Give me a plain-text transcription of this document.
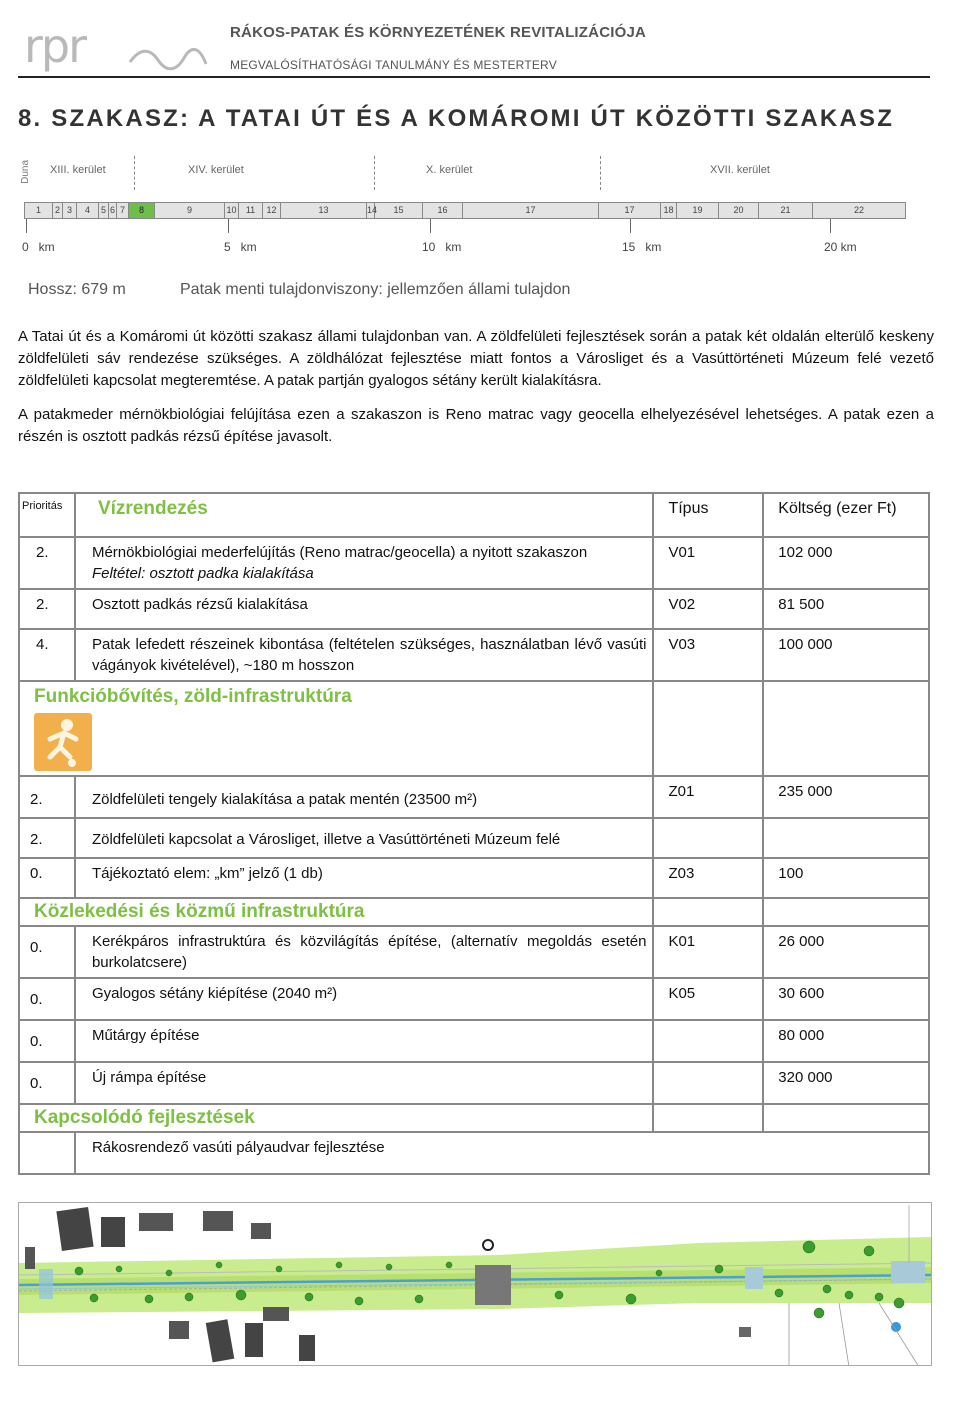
rpr	RÁKOS-PATAK ÉS KÖRNYEZETÉNEK REVITALIZÁCIÓJA
MEGVALÓSÍTHATÓSÁGI TANULMÁNY ÉS MESTERTERV
8. SZAKASZ: A TATAI ÚT ÉS A KOMÁROMI ÚT KÖZÖTTI SZAKASZ
Duna XIII. kerület	XIV. kerület	X. kerület	XVII. kerület
1	2 3	4	5 6 7	8	9	10	11	12	13	14	15	16	17	17	18	19	20	21	22
0   km	5   km	10   km	15   km	20 km
Hossz: 679 m	Patak menti tulajdonviszony: jellemzően állami tulajdon
A Tatai út és a Komáromi út közötti szakasz állami tulajdonban van. A zöldfelületi fejlesztések során a patak két oldalán elterülő keskeny zöldfelületi sáv rendezése szükséges. A zöldhálózat fejlesztése miatt fontos a Városliget és a Vasúttörténeti Múzeum felé vezető zöldfelületi kapcsolat megteremtése. A patak partján gyalogos sétány került kialakításra.
A patakmeder mérnökbiológiai felújítása ezen a szakaszon is Reno matrac vagy geocella elhelyezésével lehetséges. A patak ezen a részén is osztott padkás rézsű építése javasolt.
Prioritás	Vízrendezés	Típus	Költség (ezer Ft)
2.	Mérnökbiológiai mederfelújítás (Reno matrac/geocella) a nyitott szakaszon
Feltétel: osztott padka kialakítása	V01	102 000
2.	Osztott padkás rézsű kialakítása	V02	81 500
4.	Patak lefedett részeinek kibontása (feltételen szükséges, használatban lévő vasúti vágányok kivételével), ~180 m hosszon	V03	100 000

Funkcióbővítés, zöld-infrastruktúra			

2.	Zöldfelületi tengely kialakítása a patak mentén (23500 m²)	Z01	235 000
2.	Zöldfelületi kapcsolat a Városliget, illetve a Vasúttörténeti Múzeum felé		
0.	Tájékoztató elem: „km” jelző (1 db)	Z03	100

Közlekedési és közmű infrastruktúra			

0.	Kerékpáros infrastruktúra és közvilágítás építése, (alternatív megoldás esetén burkolatcsere)	K01	26 000
0.	Gyalogos sétány kiépítése (2040 m²)	K05	30 600
0.	Műtárgy építése		80 000
0.	Új rámpa építése		320 000

Kapcsolódó fejlesztések			

	Rákosrendező vasúti pályaudvar fejlesztése		
